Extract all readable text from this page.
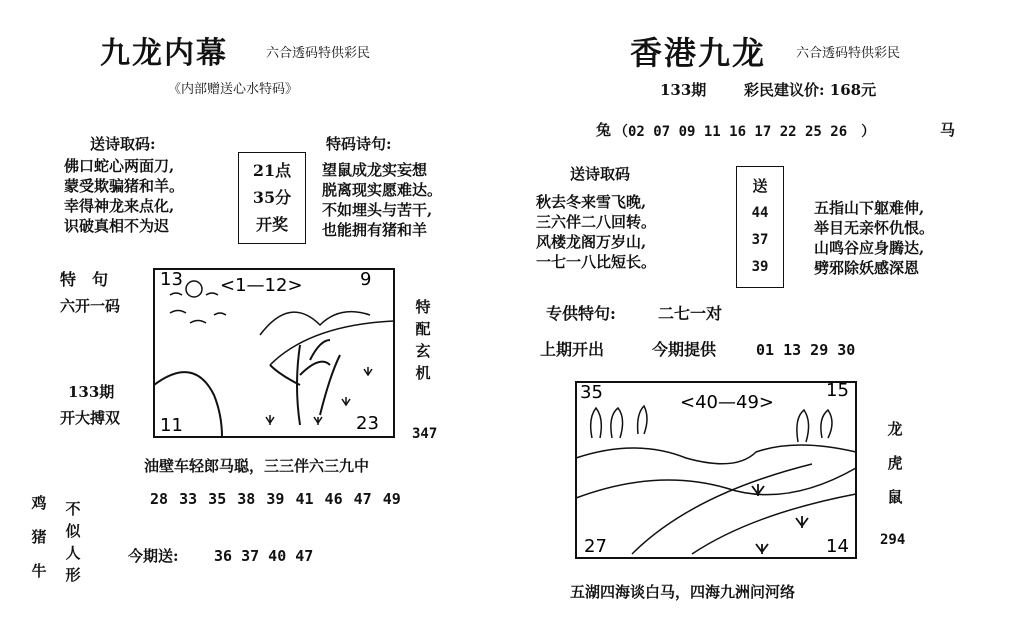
九龙内幕	六合透码特供彩民
《内部赠送心水特码》
送诗取码:
佛口蛇心两面刀,
蒙受欺骗猪和羊。
幸得神龙来点化,
识破真相不为迟
21点
35分
开奖
特码诗句:
望鼠成龙实妄想
脱离现实愿难达。
不如埋头与苦干,
也能拥有猪和羊
特　句
六开一码
133期
开大搏双
13 <1—12>	9
11	23
特配玄机
347
油壁车轻郎马聪，三三伴六三九中
28 33 35 38 39 41 46 47 49
鸡
猪
牛
不似人形
今期送: 36 37 40 47
香港九龙 六合透码特供彩民
133期	彩民建议价: 168元
兔 （02 07 09 11 16 17 22 25 26　）	马
送诗取码
秋去冬来雪飞晚,
三六伴二八回转。
风楼龙阁万岁山,
一七一八比短长。
送
44
37
39
五指山下躯难伸,
举目无亲怀仇恨。
山鸣谷应身腾达,
劈邪除妖感深恩
专供特句:	二七一对
上期开出	今期提供	01 13 29 30
35	<40—49>
15
27	14
龙
虎
鼠
294
五湖四海谈白马，四海九洲问河络
